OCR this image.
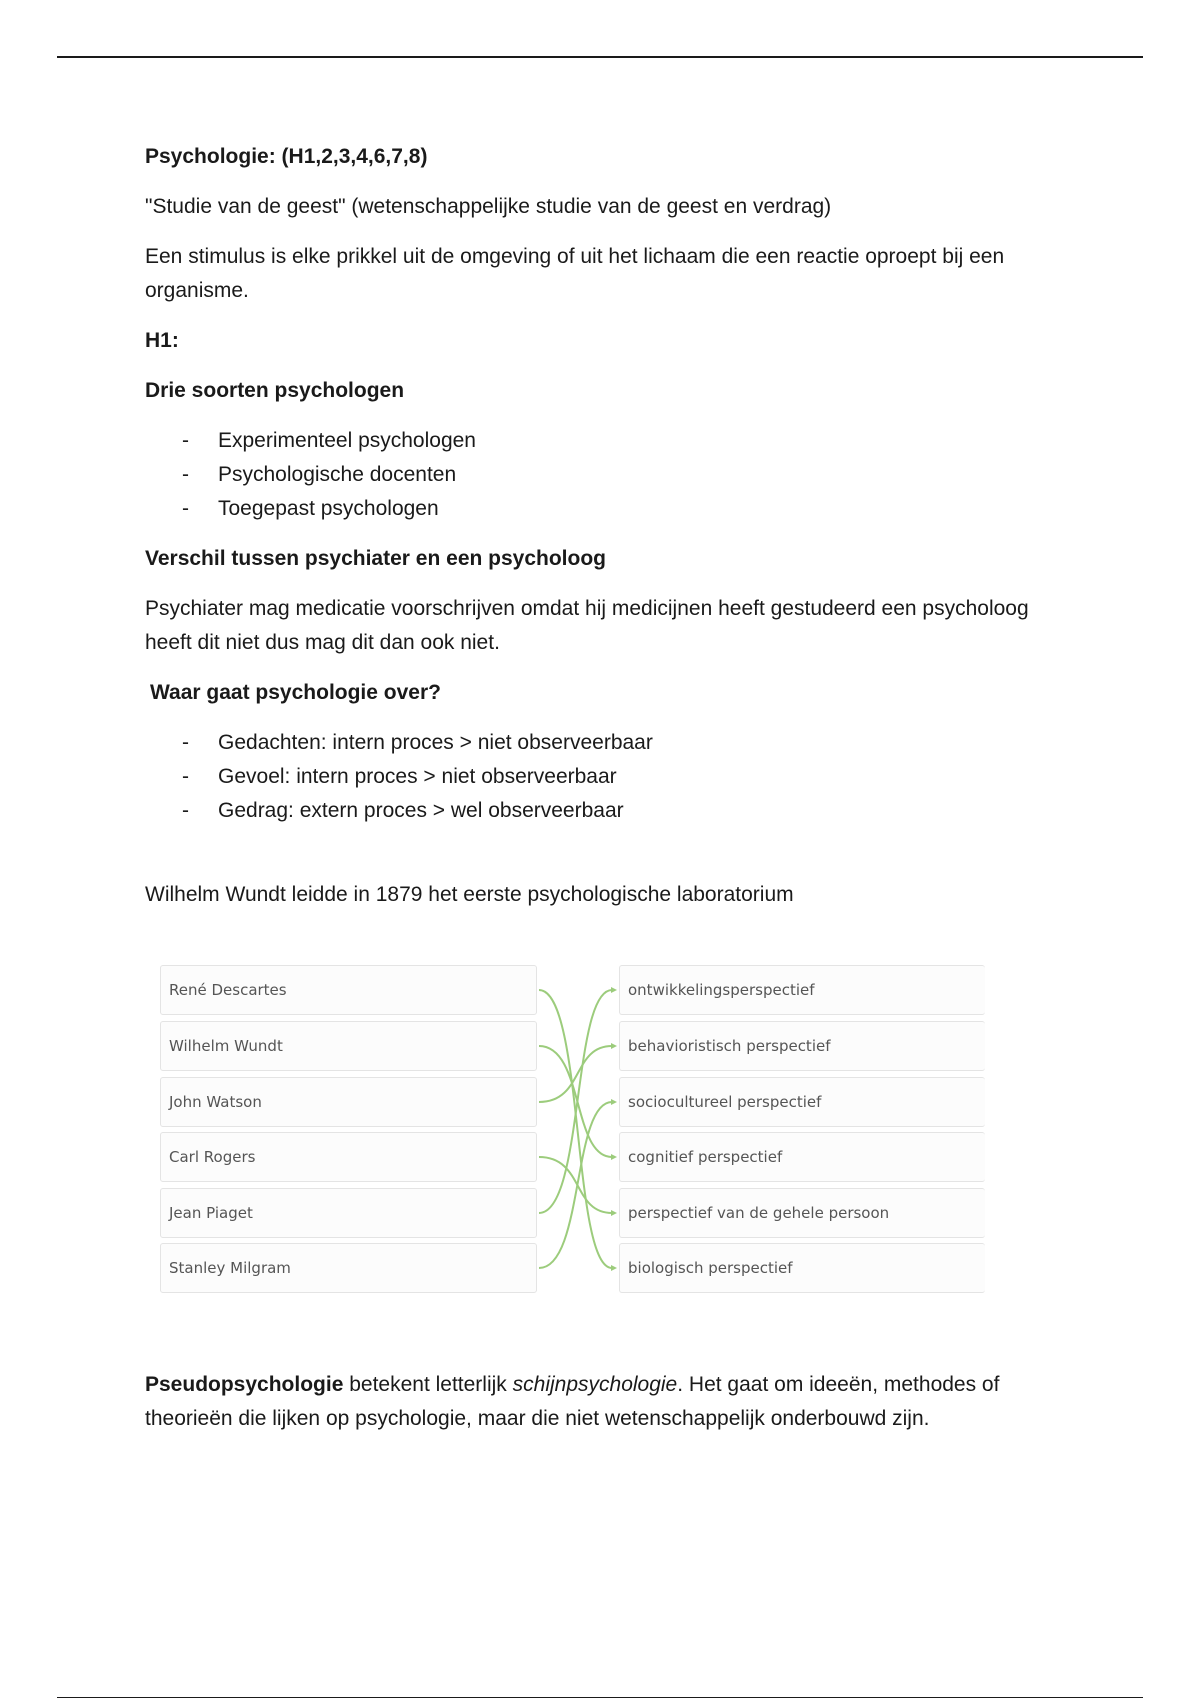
Psychologie: (H1,2,3,4,6,7,8)

"Studie van de geest" (wetenschappelijke studie van de geest en verdrag)

Een stimulus is elke prikkel uit de omgeving of uit het lichaam die een reactie oproept bij een organisme.

H1:

Drie soorten psychologen

- Experimenteel psychologen
- Psychologische docenten
- Toegepast psychologen

Verschil tussen psychiater en een psycholoog

Psychiater mag medicatie voorschrijven omdat hij medicijnen heeft gestudeerd een psycholoog heeft dit niet dus mag dit dan ook niet.

Waar gaat psychologie over?

- Gedachten: intern proces > niet observeerbaar
- Gevoel: intern proces > niet observeerbaar
- Gedrag: extern proces > wel observeerbaar

Wilhelm Wundt leidde in 1879 het eerste psychologische laboratorium

René Descartes
Wilhelm Wundt
John Watson
Carl Rogers
Jean Piaget
Stanley Milgram
ontwikkelingsperspectief
behavioristisch perspectief
sociocultureel perspectief
cognitief perspectief
perspectief van de gehele persoon
biologisch perspectief

Pseudopsychologie betekent letterlijk schijnpsychologie. Het gaat om ideeën, methodes of theorieën die lijken op psychologie, maar die niet wetenschappelijk onderbouwd zijn.
